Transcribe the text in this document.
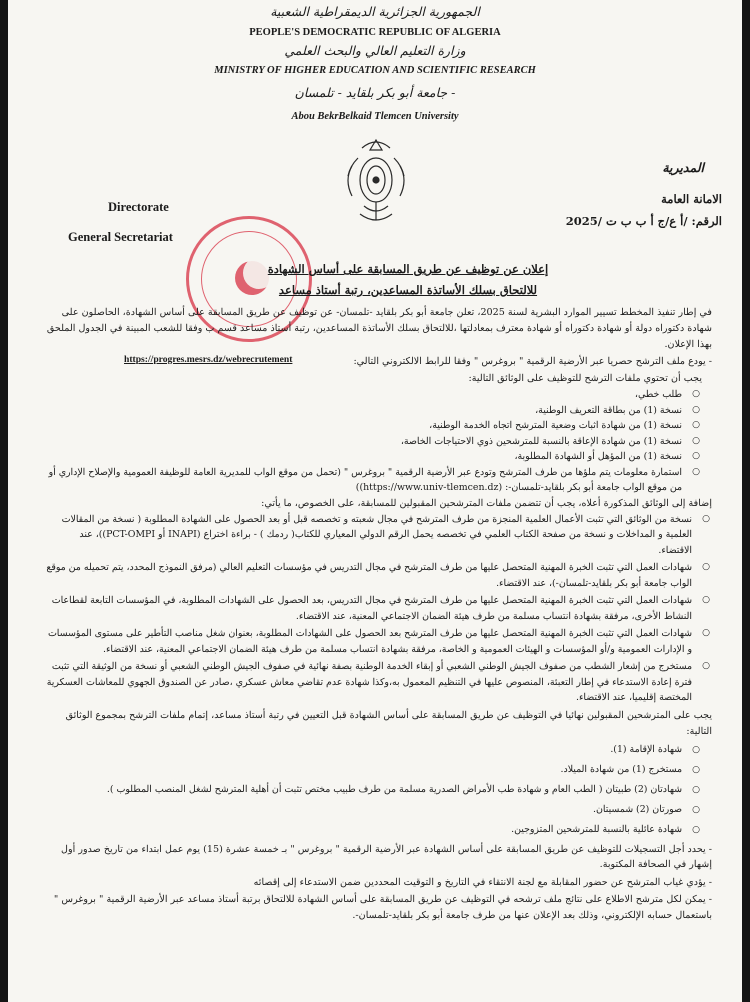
الجمهورية الجزائرية الديمقراطية الشعبية
PEOPLE'S DEMOCRATIC REPUBLIC OF ALGERIA
وزارة التعليم العالي والبحث العلمي
MINISTRY OF HIGHER EDUCATION AND SCIENTIFIC RESEARCH
جامعة أبو بكر بلقايد - تلمسان -
Abou BekrBelkaid Tlemcen University
Directorate
General Secretariat
المديرية
الامانة العامة
الرقم: /أ ع/ج أ ب ب ت /2025
إعلان عن توظيف عن طريق المسابقة على أساس الشهادة
للالتحاق بسلك الأساتذة المساعدين، رتبة أستاذ مساعد
في إطار تنفيذ المخطط تسيير الموارد البشرية لسنة 2025، تعلن جامعة أبو بكر بلقايد -تلمسان- عن توظيف عن طريق المسابقة على أساس الشهادة، الحاصلون على شهادة دكتوراه دولة أو شهادة دكتوراه أو شهادة معترف بمعادلتها ،للالتحاق بسلك الأساتذة المساعدين، رتبة أستاذ مساعد قسم ب وفقا للشعب المبينة في الجدول الملحق بهذا الإعلان.
- يودع ملف الترشح حصريا عبر الأرضية الرقمية " بروغرس " وفقا للرابط الالكتروني التالي:
https://progres.mesrs.dz/webrecrutement
يجب أن تحتوي ملفات الترشح للتوظيف على الوثائق التالية:
○ طلب خطي،
○ نسخة (1) من بطاقة التعريف الوطنية،
○ نسخة (1) من شهادة اثبات وضعية المترشح اتجاه الخدمة الوطنية،
○ نسخة (1) من شهادة الإعاقة بالنسبة للمترشحين ذوي الاحتياجات الخاصة،
○ نسخة (1) من المؤهل أو الشهادة المطلوبة،
○ استمارة معلومات يتم ملؤها من طرف المترشح وتودع عبر الأرضية الرقمية " بروغرس " (تحمل من موقع الواب للمديرية العامة للوظيفة العمومية والإصلاح الإداري أو من موقع الواب جامعة أبو بكر بلقايد-تلمسان-: (https://www.univ-tlemcen.dz))
إضافة إلى الوثائق المذكورة أعلاه، يجب أن تتضمن ملفات المترشحين المقبولين للمسابقة، على الخصوص، ما يأتي:
○ نسخة من الوثائق التي تثبت الأعمال العلمية المنجزة من طرف المترشح في مجال شعبته و تخصصه قبل أو بعد الحصول على الشهادة المطلوبة ( نسخة من المقالات العلمية و المداخلات و نسخة من صفحة الكتاب العلمي في تخصصه يحمل الرقم الدولي المعياري للكتاب( ردمك ) - براءة اختراع (INAPI أو PCT-OMPI))، عند الاقتضاء.
○ شهادات العمل التي تثبت الخبرة المهنية المتحصل عليها من طرف المترشح في مجال التدريس في مؤسسات التعليم العالي (مرفق النموذج المحدد، يتم تحميله من موقع الواب جامعة أبو بكر بلقايد-تلمسان-)، عند الاقتضاء.
○ شهادات العمل التي تثبت الخبرة المهنية المتحصل عليها من طرف المترشح في مجال التدريس، بعد الحصول على الشهادات المطلوبة، في المؤسسات التابعة لقطاعات النشاط الأخرى، مرفقة بشهادة انتساب مسلمة من طرف هيئة الضمان الاجتماعي المعنية، عند الاقتضاء.
○ شهادات العمل التي تثبت الخبرة المهنية المتحصل عليها من طرف المترشح بعد الحصول على الشهادات المطلوبة، بعنوان شغل مناصب التأطير على مستوى المؤسسات و الإدارات العمومية و/أو المؤسسات و الهيئات العمومية و الخاصة، مرفقة بشهادة انتساب مسلمة من طرف هيئة الضمان الاجتماعي المعنية، عند الاقتضاء.
○ مستخرج من إشعار الشطب من صفوف الجيش الوطني الشعبي أو إبقاء الخدمة الوطنية بصفة نهائية في صفوف الجيش الوطني الشعبي أو نسخة من الوثيقة التي تثبت فترة إعادة الاستدعاء في إطار التعبئة، المنصوص عليها في التنظيم المعمول به،وكذا شهادة عدم تقاضي معاش عسكري ،صادر عن الصندوق الجهوي للمعاشات العسكرية المختصة إقليميا، عند الاقتضاء.
يجب على المترشحين المقبولين نهائيا في التوظيف عن طريق المسابقة على أساس الشهادة قبل التعيين في رتبة أستاذ مساعد، إتمام ملفات الترشح بمجموع الوثائق التالية:
○ شهادة الإقامة (1).
○ مستخرج (1) من شهادة الميلاد.
○ شهادتان (2) طبيتان ( الطب العام و شهادة طب الأمراض الصدرية مسلمة من طرف طبيب مختص تثبت أن أهلية المترشح لشغل المنصب المطلوب ).
○ صورتان (2) شمسيتان.
○ شهادة عائلية بالنسبة للمترشحين المتزوجين.
- يحدد أجل التسجيلات للتوظيف عن طريق المسابقة على أساس الشهادة عبر الأرضية الرقمية " بروغرس " بـ خمسة عشرة (15) يوم عمل ابتداء من تاريخ صدور أول إشهار في الصحافة المكتوبة.
- يؤدي غياب المترشح عن حضور المقابلة مع لجنة الانتقاء في التاريخ و التوقيت المحددين ضمن الاستدعاء إلى إقصائه
- يمكن لكل مترشح الاطلاع على نتائج ملف ترشحه في التوظيف عن طريق المسابقة على أساس الشهادة للالتحاق برتبة أستاذ مساعد عبر الأرضية الرقمية " بروغرس " باستعمال حسابه الإلكتروني، وذلك بعد الإعلان عنها من طرف جامعة أبو بكر بلقايد-تلمسان-.
